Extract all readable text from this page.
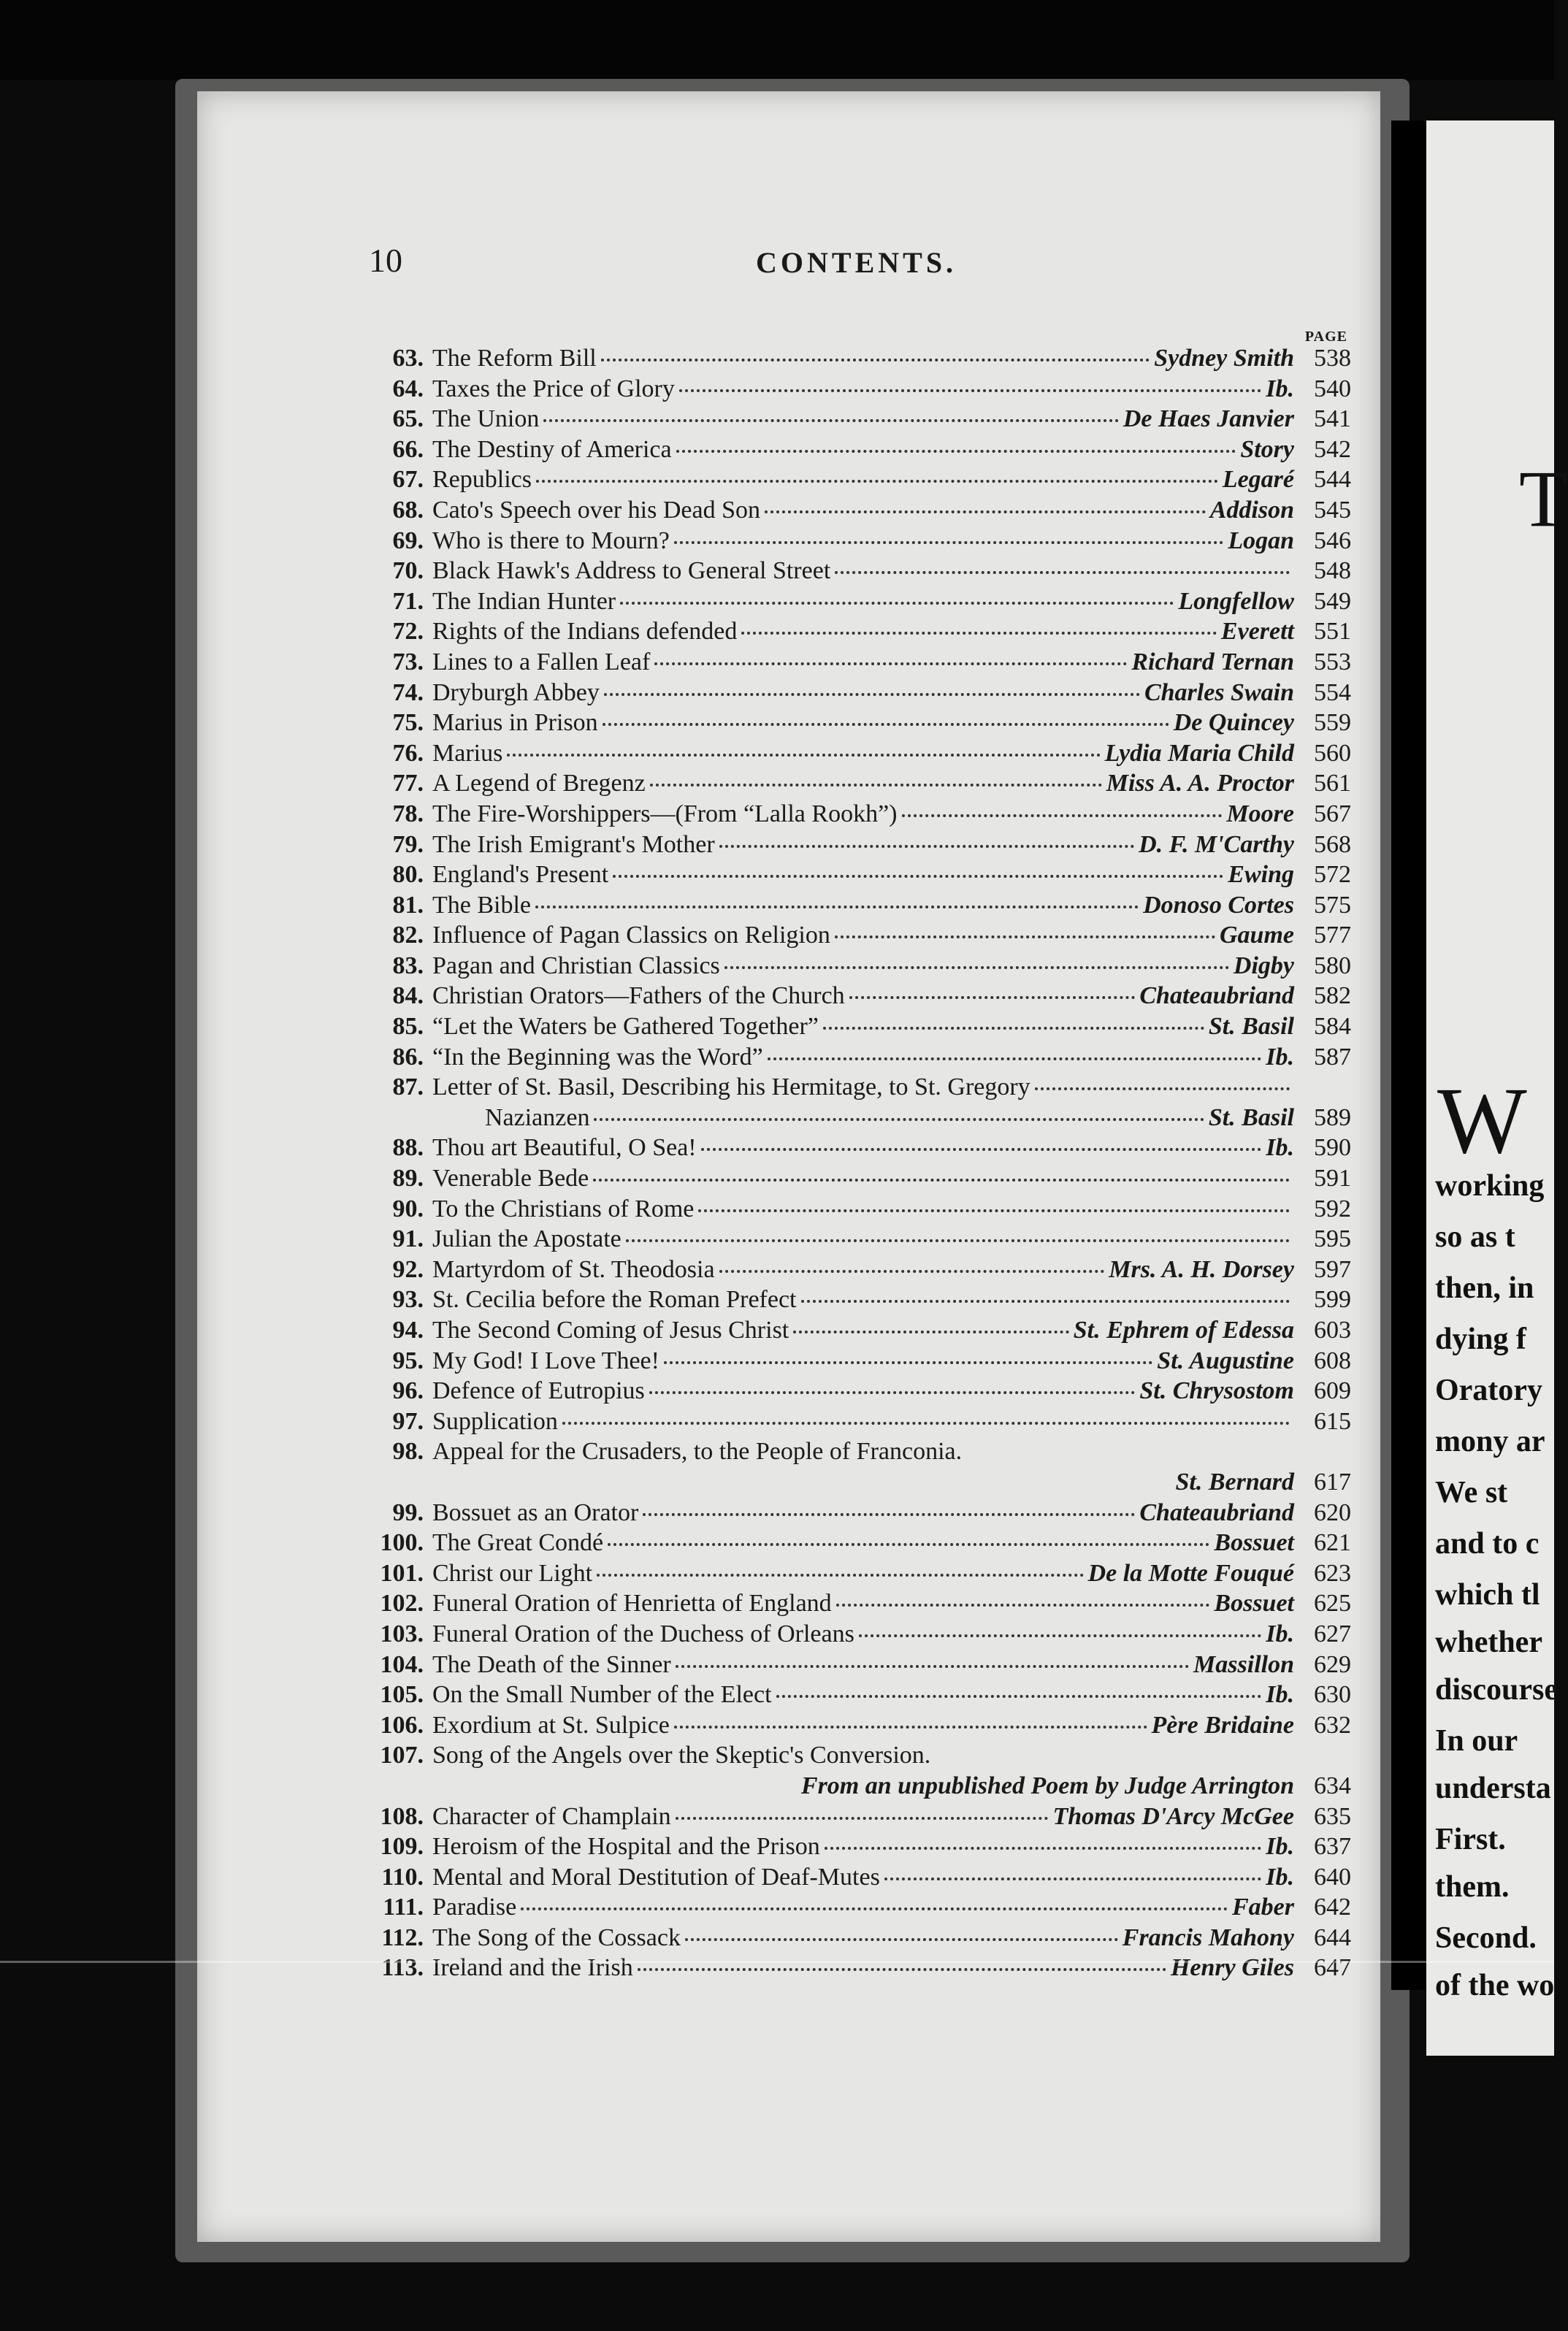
10	CONTENTS.
PAGE
63. The Reform Bill	Sydney Smith 538
64. Taxes the Price of Glory	Ib. 540
65. The Union	De Haes Janvier 541
66. The Destiny of America	Story 542
67. Republics	Legaré 544
68. Cato's Speech over his Dead Son	Addison 545
69. Who is there to Mourn?	Logan 546
70. Black Hawk's Address to General Street	548
71. The Indian Hunter	Longfellow 549
72. Rights of the Indians defended	Everett 551
73. Lines to a Fallen Leaf	Richard Ternan 553
74. Dryburgh Abbey	Charles Swain 554
75. Marius in Prison	De Quincey 559
76. Marius	Lydia Maria Child 560
77. A Legend of Bregenz	Miss A. A. Proctor 561
78. The Fire-Worshippers—(From “Lalla Rookh”)	Moore 567
79. The Irish Emigrant's Mother	D. F. M'Carthy 568
80. England's Present	Ewing 572
81. The Bible	Donoso Cortes 575
82. Influence of Pagan Classics on Religion	Gaume 577
83. Pagan and Christian Classics	Digby 580
84. Christian Orators—Fathers of the Church	Chateaubriand 582
85. “Let the Waters be Gathered Together”	St. Basil 584
86. “In the Beginning was the Word”	Ib. 587
87. Letter of St. Basil, Describing his Hermitage, to St. Gregory
Nazianzen	St. Basil 589
88. Thou art Beautiful, O Sea!	Ib. 590
89. Venerable Bede	591
90. To the Christians of Rome	592
91. Julian the Apostate	595
92. Martyrdom of St. Theodosia	Mrs. A. H. Dorsey 597
93. St. Cecilia before the Roman Prefect	599
94. The Second Coming of Jesus Christ	St. Ephrem of Edessa 603
95. My God! I Love Thee!	St. Augustine 608
96. Defence of Eutropius	St. Chrysostom 609
97. Supplication	615
98. Appeal for the Crusaders, to the People of Franconia.
St. Bernard 617
99. Bossuet as an Orator	Chateaubriand 620
100. The Great Condé	Bossuet 621
101. Christ our Light	De la Motte Fouqué 623
102. Funeral Oration of Henrietta of England	Bossuet 625
103. Funeral Oration of the Duchess of Orleans	Ib. 627
104. The Death of the Sinner	Massillon 629
105. On the Small Number of the Elect	Ib. 630
106. Exordium at St. Sulpice	Père Bridaine 632
107. Song of the Angels over the Skeptic's Conversion.
From an unpublished Poem by Judge Arrington 634
108. Character of Champlain	Thomas D'Arcy McGee 635
109. Heroism of the Hospital and the Prison	Ib. 637
110. Mental and Moral Destitution of Deaf-Mutes	Ib. 640
111. Paradise	Faber 642
112. The Song of the Cossack	Francis Mahony 644
113. Ireland and the Irish	Henry Giles 647
T
W
working
so as t
then, in
dying f
Oratory
mony ar
We st
and to c
which tl
whether
discourse
In our
understa
First.
them.
Second.
of the wo
